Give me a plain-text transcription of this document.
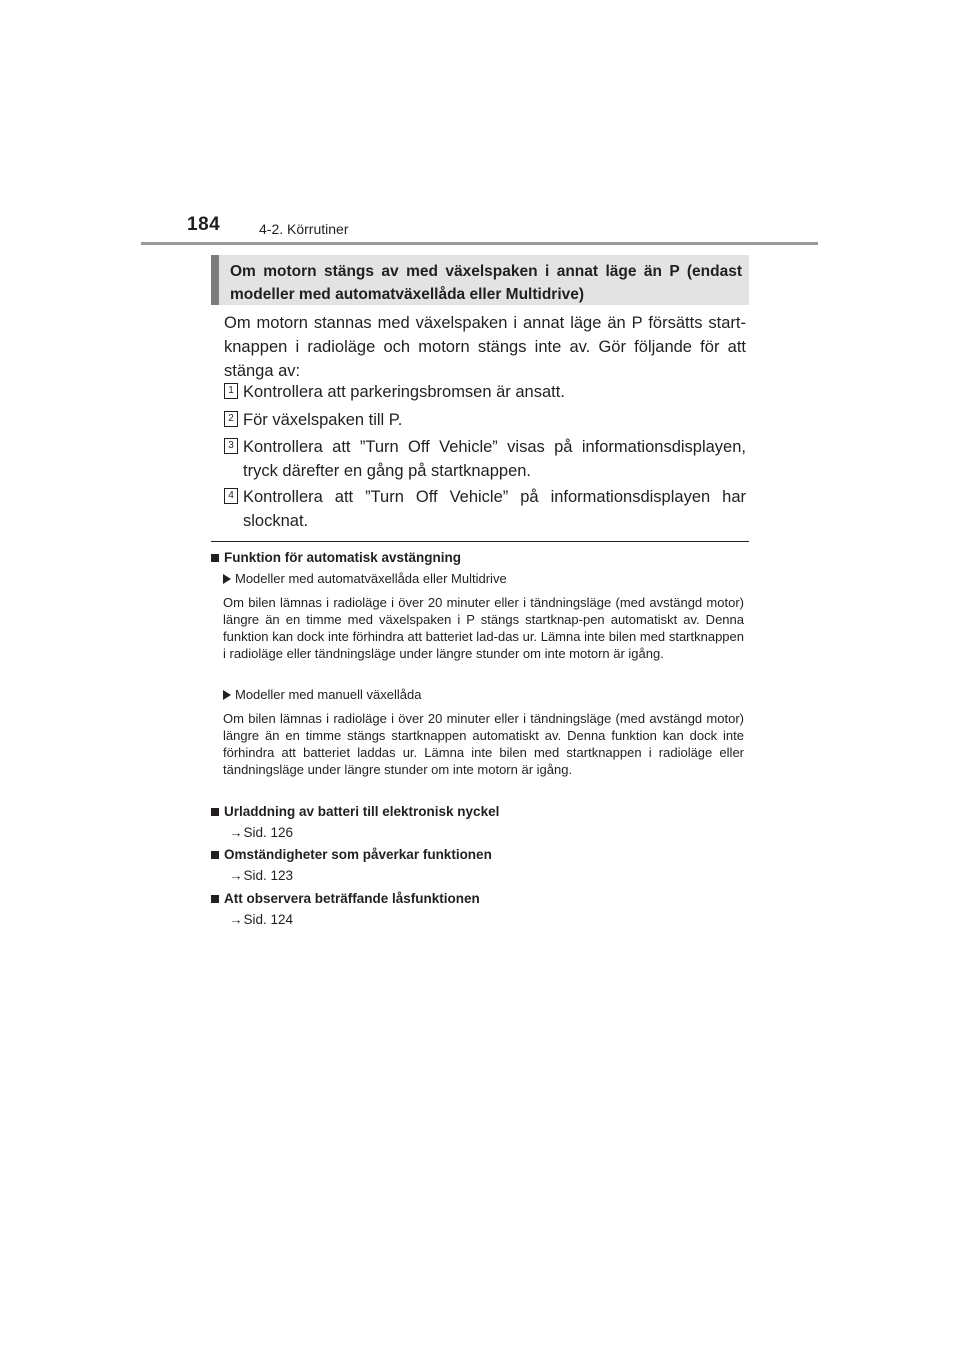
184	4-2. Körrutiner
Om motorn stängs av med växelspaken i annat läge än P (endast modeller med automatväxellåda eller Multidrive)

Om motorn stannas med växelspaken i annat läge än P försätts start-knappen i radioläge och motorn stängs inte av. Gör följande för att stänga av:

1 Kontrollera att parkeringsbromsen är ansatt.

2 För växelspaken till P.

3 Kontrollera att ”Turn Off Vehicle” visas på informationsdisplayen, tryck därefter en gång på startknappen.

4 Kontrollera att ”Turn Off Vehicle” på informationsdisplayen har slocknat.

Funktion för automatisk avstängning
Modeller med automatväxellåda eller Multidrive

Om bilen lämnas i radioläge i över 20 minuter eller i tändningsläge (med avstängd motor) längre än en timme med växelspaken i P stängs startknap-pen automatiskt av. Denna funktion kan dock inte förhindra att batteriet lad-das ur. Lämna inte bilen med startknappen i radioläge eller tändningsläge under längre stunder om inte motorn är igång.

Modeller med manuell växellåda

Om bilen lämnas i radioläge i över 20 minuter eller i tändningsläge (med avstängd motor) längre än en timme stängs startknappen automatiskt av. Denna funktion kan dock inte förhindra att batteriet laddas ur. Lämna inte bilen med startknappen i radioläge eller tändningsläge under längre stunder om inte motorn är igång.

Urladdning av batteri till elektronisk nyckel
→Sid. 126
Omständigheter som påverkar funktionen
→Sid. 123
Att observera beträffande låsfunktionen
→Sid. 124
